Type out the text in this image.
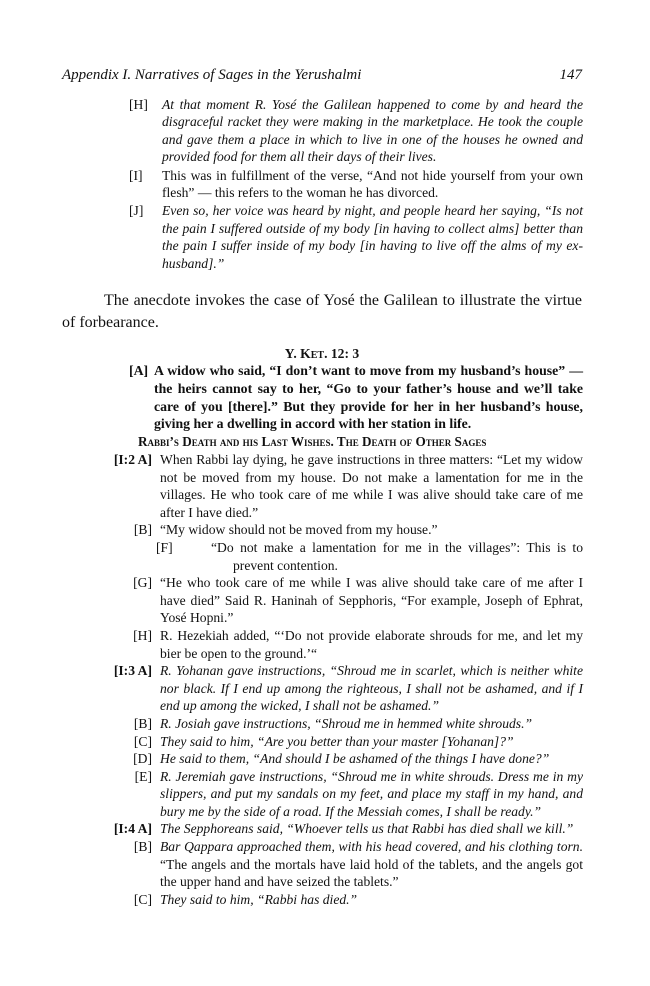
Appendix I. Narratives of Sages in the Yerushalmi	147
[H] At that moment R. Yosé the Galilean happened to come by and heard the disgraceful racket they were making in the marketplace. He took the couple and gave them a place in which to live in one of the houses he owned and provided food for them all their days of their lives.
[I] This was in fulfillment of the verse, “And not hide yourself from your own flesh” — this refers to the woman he has divorced.
[J] Even so, her voice was heard by night, and people heard her saying, “Is not the pain I suffered outside of my body [in having to collect alms] better than the pain I suffer inside of my body [in having to live off the alms of my ex-husband].”
The anecdote invokes the case of Yosé the Galilean to illustrate the virtue of forbearance.
Y. Ket. 12: 3
[A] A widow who said, “I don’t want to move from my husband’s house” — the heirs cannot say to her, “Go to your father’s house and we’ll take care of you [there].” But they provide for her in her husband’s house, giving her a dwelling in accord with her station in life.
Rabbi’s Death and his Last Wishes. The Death of Other Sages
[I:2 A] When Rabbi lay dying, he gave instructions in three matters: “Let my widow not be moved from my house. Do not make a lamentation for me in the villages. He who took care of me while I was alive should take care of me after I have died.”
[B] “My widow should not be moved from my house.”
[F]	“Do not make a lamentation for me in the villages”: This is to prevent contention.
[G] “He who took care of me while I was alive should take care of me after I have died” Said R. Haninah of Sepphoris, “For example, Joseph of Ephrat, Yosé Hopni.”
[H] R. Hezekiah added, “‘Do not provide elaborate shrouds for me, and let my bier be open to the ground.’“
[I:3 A] R. Yohanan gave instructions, “Shroud me in scarlet, which is neither white nor black. If I end up among the righteous, I shall not be ashamed, and if I end up among the wicked, I shall not be ashamed.”
[B] R. Josiah gave instructions, “Shroud me in hemmed white shrouds.”
[C] They said to him, “Are you better than your master [Yohanan]?”
[D] He said to them, “And should I be ashamed of the things I have done?”
[E] R. Jeremiah gave instructions, “Shroud me in white shrouds. Dress me in my slippers, and put my sandals on my feet, and place my staff in my hand, and bury me by the side of a road. If the Messiah comes, I shall be ready.”
[I:4 A] The Sepphoreans said, “Whoever tells us that Rabbi has died shall we kill.”
[B] Bar Qappara approached them, with his head covered, and his clothing torn. “The angels and the mortals have laid hold of the tablets, and the angels got the upper hand and have seized the tablets.”
[C] They said to him, “Rabbi has died.”
